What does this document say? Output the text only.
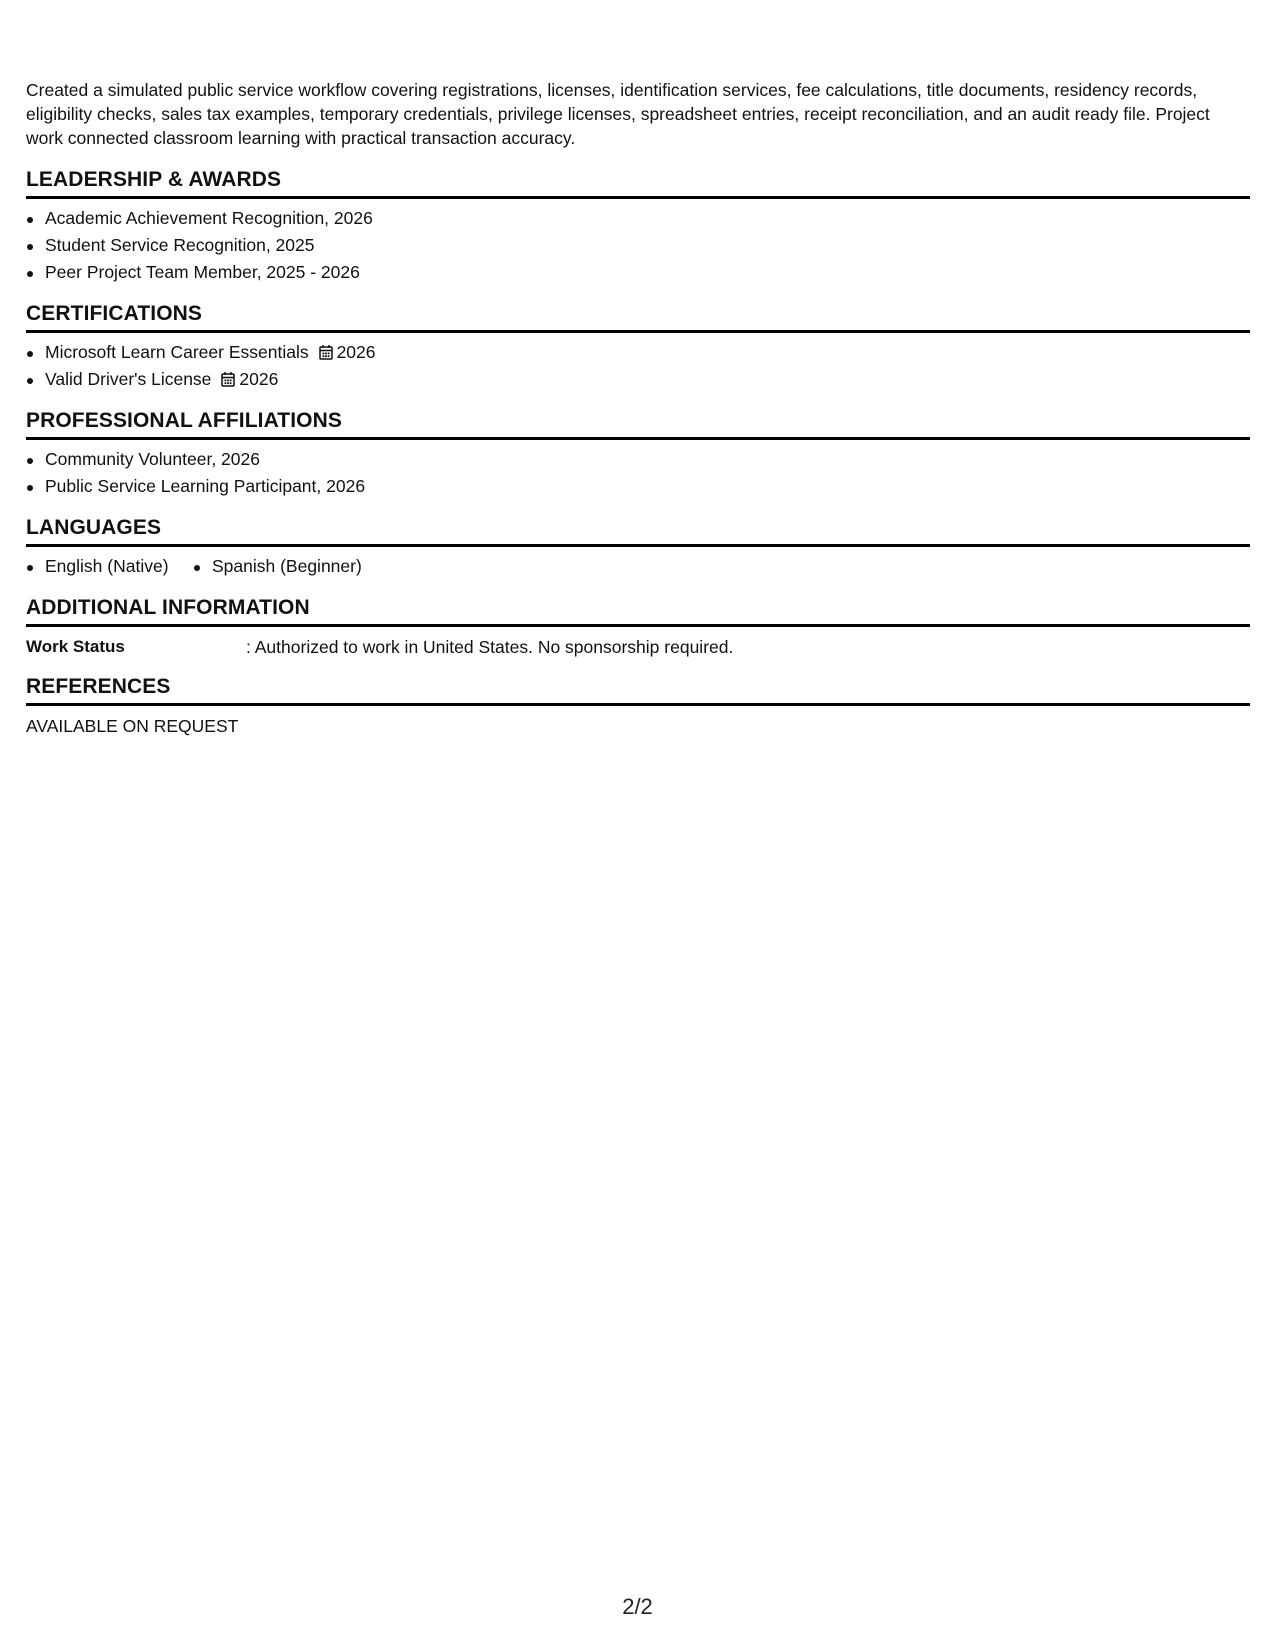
Created a simulated public service workflow covering registrations, licenses, identification services, fee calculations, title documents, residency records, eligibility checks, sales tax examples, temporary credentials, privilege licenses, spreadsheet entries, receipt reconciliation, and an audit ready file. Project work connected classroom learning with practical transaction accuracy.

LEADERSHIP & AWARDS
Academic Achievement Recognition, 2026
Student Service Recognition, 2025
Peer Project Team Member, 2025 - 2026
CERTIFICATIONS
Microsoft Learn Career Essentials 2026
Valid Driver's License 2026
PROFESSIONAL AFFILIATIONS
Community Volunteer, 2026
Public Service Learning Participant, 2026
LANGUAGES
English (Native) Spanish (Beginner)
ADDITIONAL INFORMATION
Work Status	: Authorized to work in United States. No sponsorship required.
REFERENCES
AVAILABLE ON REQUEST
2/2
